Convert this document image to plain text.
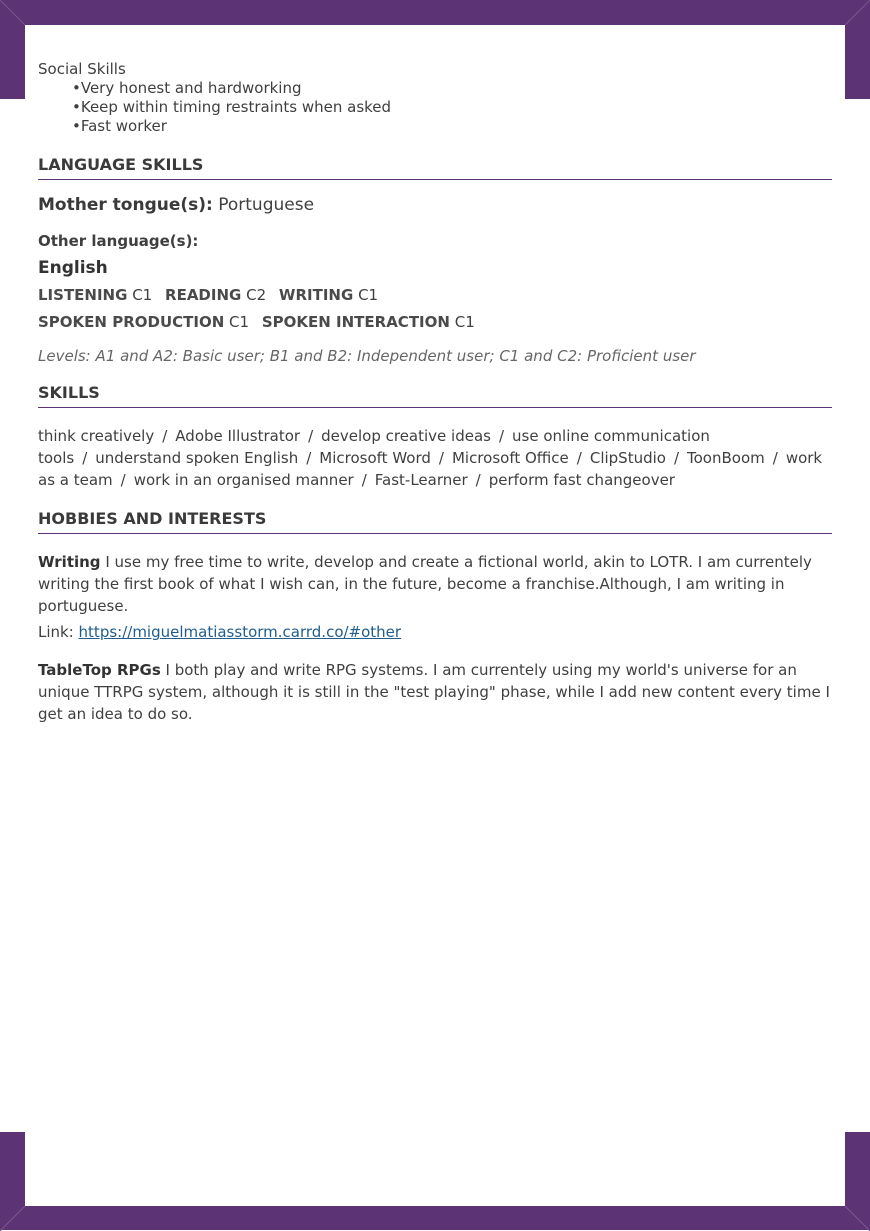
Social Skills
• Very honest and hardworking
• Keep within timing restraints when asked
• Fast worker
LANGUAGE SKILLS
Mother tongue(s): Portuguese
Other language(s):
English
LISTENING C1 READING C2 WRITING C1
SPOKEN PRODUCTION C1 SPOKEN INTERACTION C1
Levels: A1 and A2: Basic user; B1 and B2: Independent user; C1 and C2: Proficient user
SKILLS
think creatively / Adobe Illustrator / develop creative ideas / use online communication tools / understand spoken English / Microsoft Word / Microsoft Office / ClipStudio / ToonBoom / work as a team / work in an organised manner / Fast-Learner / perform fast changeover
HOBBIES AND INTERESTS
Writing I use my free time to write, develop and create a fictional world, akin to LOTR. I am currentely writing the first book of what I wish can, in the future, become a franchise.Although, I am writing in portuguese.
Link: https://miguelmatiasstorm.carrd.co/#other
TableTop RPGs I both play and write RPG systems. I am currentely using my world's universe for an unique TTRPG system, although it is still in the "test playing" phase, while I add new content every time I get an idea to do so.
